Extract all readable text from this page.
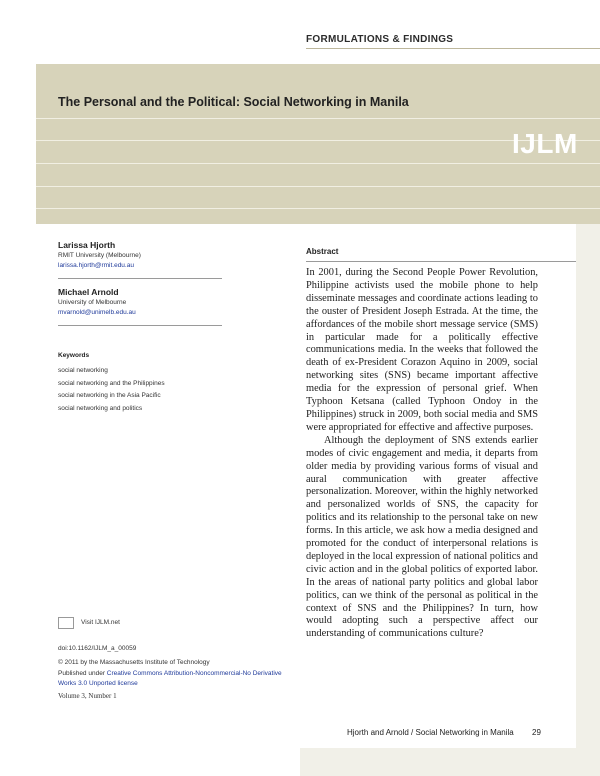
FORMULATIONS & FINDINGS
The Personal and the Political: Social Networking in Manila
IJLM
Larissa Hjorth
RMIT University (Melbourne)
larissa.hjorth@rmit.edu.au
Michael Arnold
University of Melbourne
mvarnold@unimelb.edu.au
Keywords
social networking
social networking and the Philippines
social networking in the Asia Pacific
social networking and politics
Visit IJLM.net
doi:10.1162/IJLM_a_00059
© 2011 by the Massachusetts Institute of Technology
Published under Creative Commons Attribution-Noncommercial-No Derivative Works 3.0 Unported license
Volume 3, Number 1
Abstract

In 2001, during the Second People Power Revolution, Philippine activists used the mobile phone to help disseminate messages and coordinate actions leading to the ouster of President Joseph Estrada. At the time, the affordances of the mobile short message service (SMS) in particular made for a politically effective communications media. In the weeks that followed the death of ex-President Corazon Aquino in 2009, social networking sites (SNS) became important affective media for the expression of personal grief. When Typhoon Ketsana (called Typhoon Ondoy in the Philippines) struck in 2009, both social media and SMS were appropriated for effective and affective purposes.

Although the deployment of SNS extends earlier modes of civic engagement and media, it departs from older media by providing various forms of visual and aural communication with greater affective personalization. Moreover, within the highly networked and personalized worlds of SNS, the capacity for politics and its relationship to the personal take on new forms. In this article, we ask how a media designed and promoted for the conduct of interpersonal relations is deployed in the local expression of national politics and civic action and in the global politics of exported labor. In the areas of national party politics and global labor politics, can we think of the personal as political in the context of SNS and the Philippines? In turn, how would adopting such a perspective affect our understanding of communications culture?

Hjorth and Arnold / Social Networking in Manila 29
